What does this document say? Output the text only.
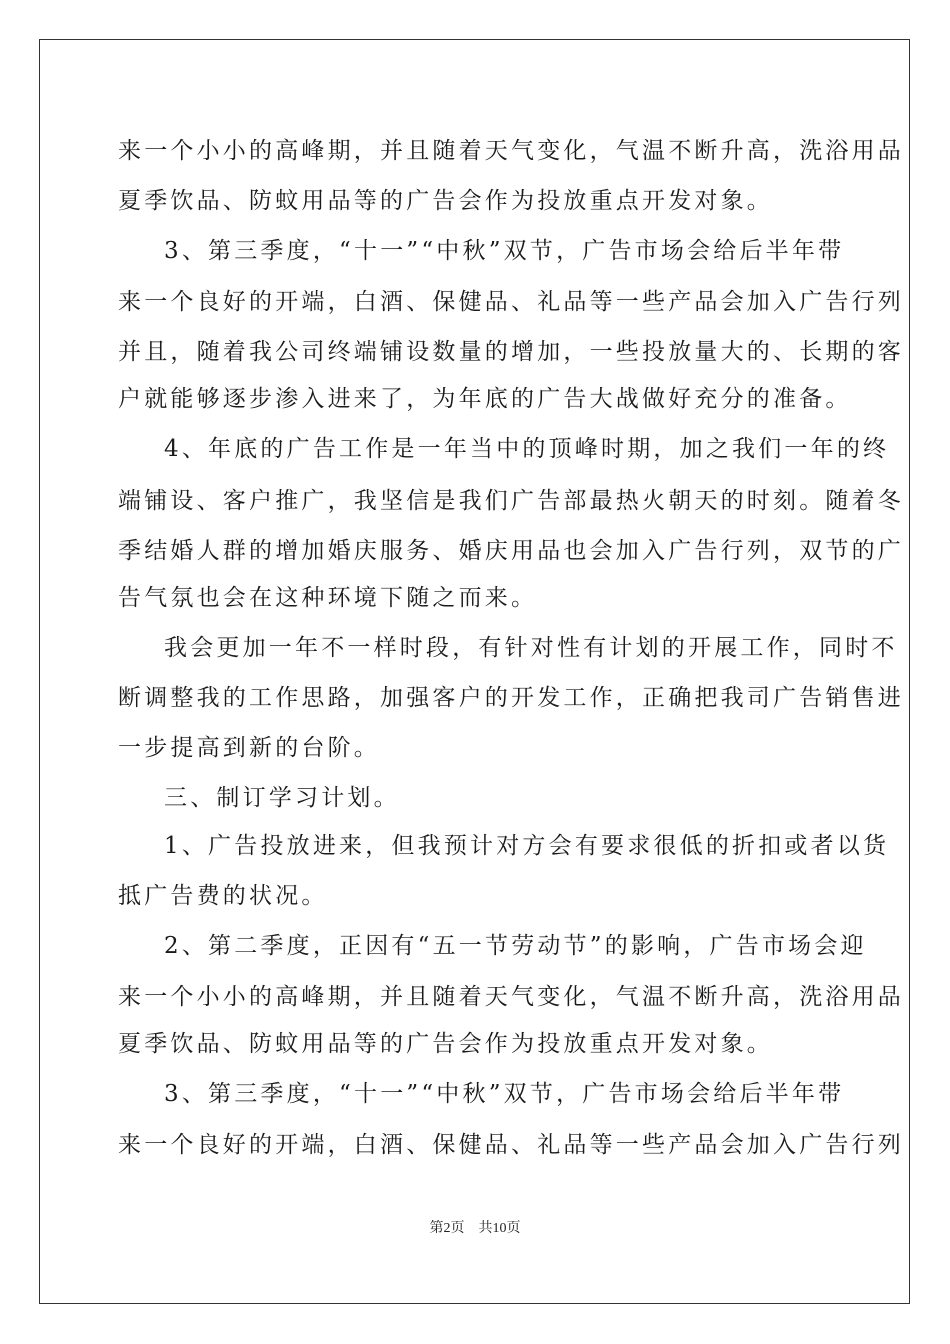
来一个小小的高峰期，并且随着天气变化，气温不断升高，洗浴用品
夏季饮品、防蚊用品等的广告会作为投放重点开发对象。
3、第三季度，“十一”“中秋”双节，广告市场会给后半年带
来一个良好的开端，白酒、保健品、礼品等一些产品会加入广告行列
并且，随着我公司终端铺设数量的增加，一些投放量大的、长期的客
户就能够逐步渗入进来了，为年底的广告大战做好充分的准备。
4、年底的广告工作是一年当中的顶峰时期，加之我们一年的终
端铺设、客户推广，我坚信是我们广告部最热火朝天的时刻。随着冬
季结婚人群的增加婚庆服务、婚庆用品也会加入广告行列，双节的广
告气氛也会在这种环境下随之而来。
我会更加一年不一样时段，有针对性有计划的开展工作，同时不
断调整我的工作思路，加强客户的开发工作，正确把我司广告销售进
一步提高到新的台阶。
三、制订学习计划。
1、广告投放进来，但我预计对方会有要求很低的折扣或者以货
抵广告费的状况。
2、第二季度，正因有“五一节劳动节”的影响，广告市场会迎
来一个小小的高峰期，并且随着天气变化，气温不断升高，洗浴用品
夏季饮品、防蚊用品等的广告会作为投放重点开发对象。
3、第三季度，“十一”“中秋”双节，广告市场会给后半年带
来一个良好的开端，白酒、保健品、礼品等一些产品会加入广告行列
第2页　共10页
